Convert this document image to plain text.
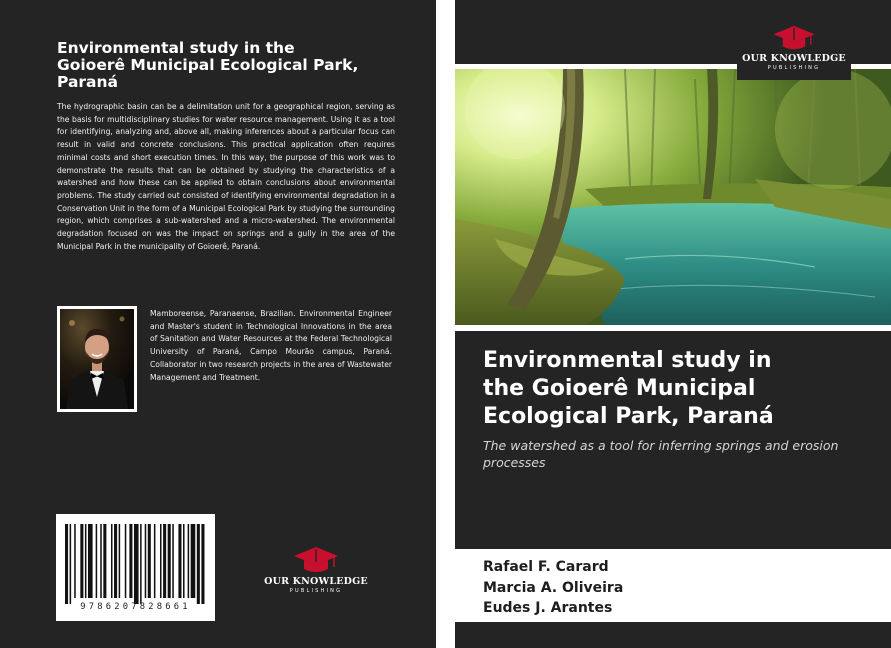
Environmental study in the
Goioerê Municipal Ecological Park,
Paraná

The hydrographic basin can be a delimitation unit for a geographical region, serving as the basis for multidisciplinary studies for water resource management. Using it as a tool for identifying, analyzing and, above all, making inferences about a particular focus can result in valid and concrete conclusions. This practical application often requires minimal costs and short execution times. In this way, the purpose of this work was to demonstrate the results that can be obtained by studying the characteristics of a watershed and how these can be applied to obtain conclusions about environmental problems. The study carried out consisted of identifying environmental degradation in a Conservation Unit in the form of a Municipal Ecological Park by studying the surrounding region, which comprises a sub-watershed and a micro-watershed. The environmental degradation focused on was the impact on springs and a gully in the area of the Municipal Park in the municipality of Goioerê, Paraná.

Mamboreense, Paranaense, Brazilian. Environmental Engineer and Master's student in Technological Innovations in the area of Sanitation and Water Resources at the Federal Technological University of Paraná, Campo Mourão campus, Paraná. Collaborator in two research projects in the area of Wastewater Management and Treatment.

9786207828661
OUR KNOWLEDGE
PUBLISHING
OUR KNOWLEDGE
PUBLISHING
Environmental study in
the Goioerê Municipal
Ecological Park, Paraná

The watershed as a tool for inferring springs and erosion processes

Rafael F. Carard
Marcia A. Oliveira
Eudes J. Arantes
